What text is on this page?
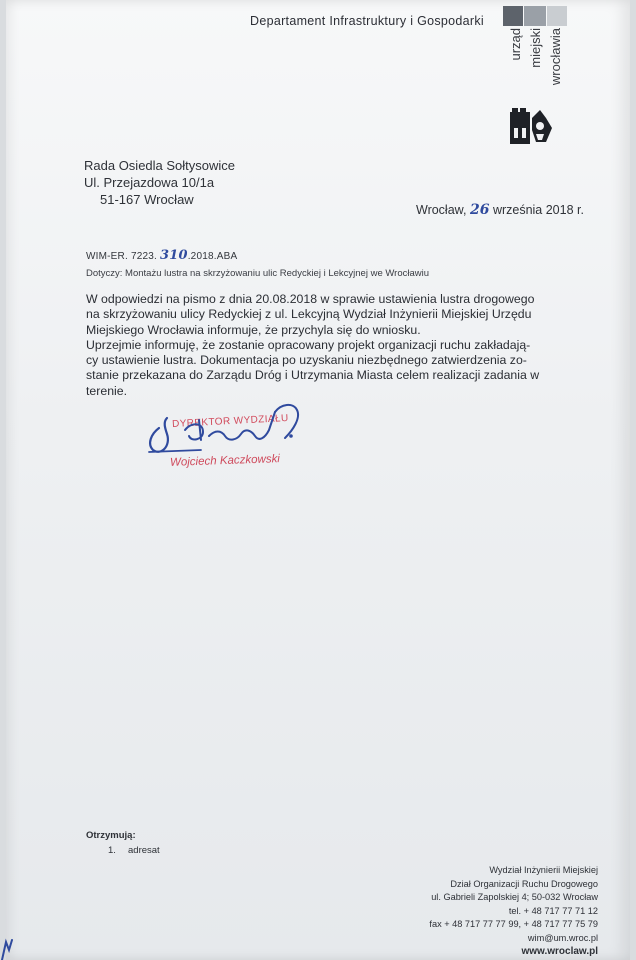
Departament Infrastruktury i Gospodarki
urząd miejski wrocławia
Rada Osiedla Sołtysowice
Ul. Przejazdowa 10/1a
51-167 Wrocław
Wrocław, 26 września 2018 r.
WIM-ER. 7223. 310.2018.ABA
Dotyczy: Montażu lustra na skrzyżowaniu ulic Redyckiej i Lekcyjnej we Wrocławiu
W odpowiedzi na pismo z dnia 20.08.2018 w sprawie ustawienia lustra drogowego
na skrzyżowaniu ulicy Redyckiej z ul. Lekcyjną Wydział Inżynierii Miejskiej Urzędu
Miejskiego Wrocławia informuje, że przychyla się do wniosku.
Uprzejmie informuję, że zostanie opracowany projekt organizacji ruchu zakładają-
cy ustawienie lustra. Dokumentacja po uzyskaniu niezbędnego zatwierdzenia zo-
stanie przekazana do Zarządu Dróg i Utrzymania Miasta celem realizacji zadania w
terenie.
DYREKTOR WYDZIAŁU
Wojciech Kaczkowski
Otrzymują:
1. adresat
Wydział Inżynierii Miejskiej
Dział Organizacji Ruchu Drogowego
ul. Gabrieli Zapolskiej 4; 50-032 Wrocław
tel. + 48 717 77 71 12
fax + 48 717 77 77 99, + 48 717 77 75 79
wim@um.wroc.pl
www.wroclaw.pl
